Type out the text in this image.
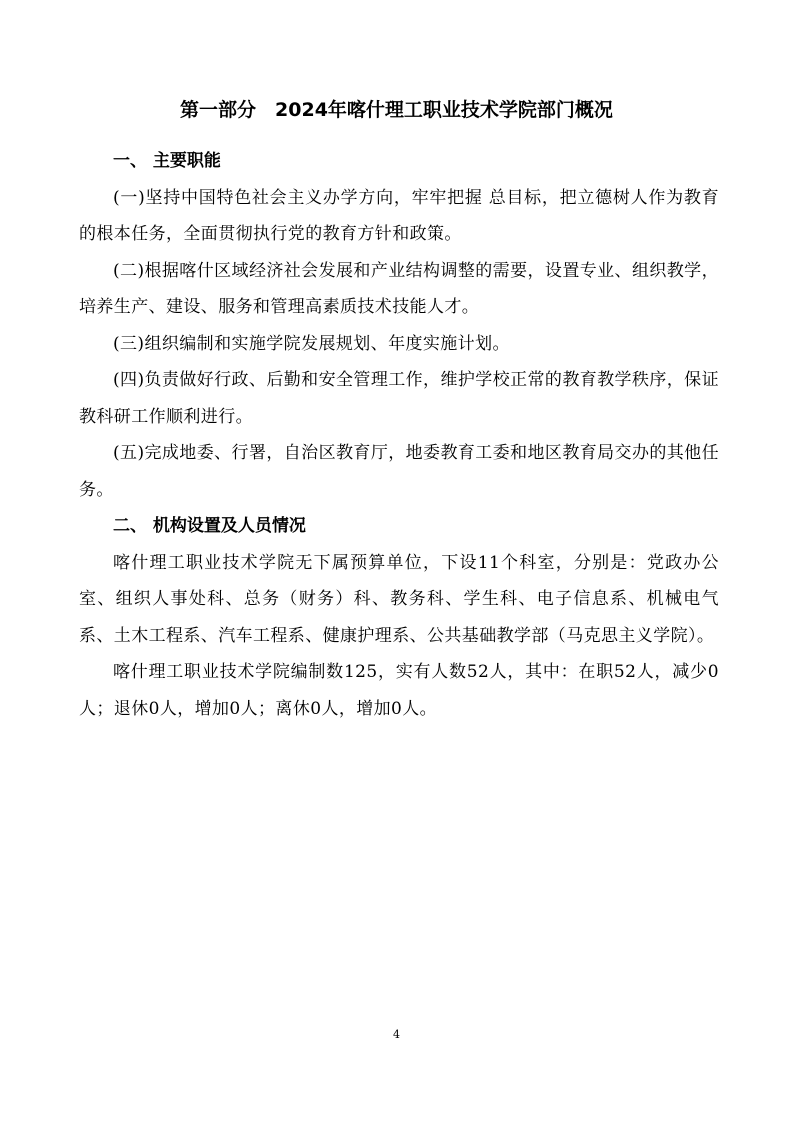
第一部分　2024年喀什理工职业技术学院部门概况

一、 主要职能

(一)坚持中国特色社会主义办学方向，牢牢把握 总目标，把立德树人作为教育的根本任务，全面贯彻执行党的教育方针和政策。

(二)根据喀什区域经济社会发展和产业结构调整的需要，设置专业、组织教学，培养生产、建设、服务和管理高素质技术技能人才。

(三)组织编制和实施学院发展规划、年度实施计划。

(四)负责做好行政、后勤和安全管理工作，维护学校正常的教育教学秩序，保证教科研工作顺利进行。

(五)完成地委、行署，自治区教育厅，地委教育工委和地区教育局交办的其他任务。

二、 机构设置及人员情况

喀什理工职业技术学院无下属预算单位，下设11个科室，分别是：党政办公室、组织人事处科、总务（财务）科、教务科、学生科、电子信息系、机械电气系、土木工程系、汽车工程系、健康护理系、公共基础教学部（马克思主义学院）。

喀什理工职业技术学院编制数125，实有人数52人，其中：在职52人，减少0人；退休0人，增加0人；离休0人，增加0人。

4
